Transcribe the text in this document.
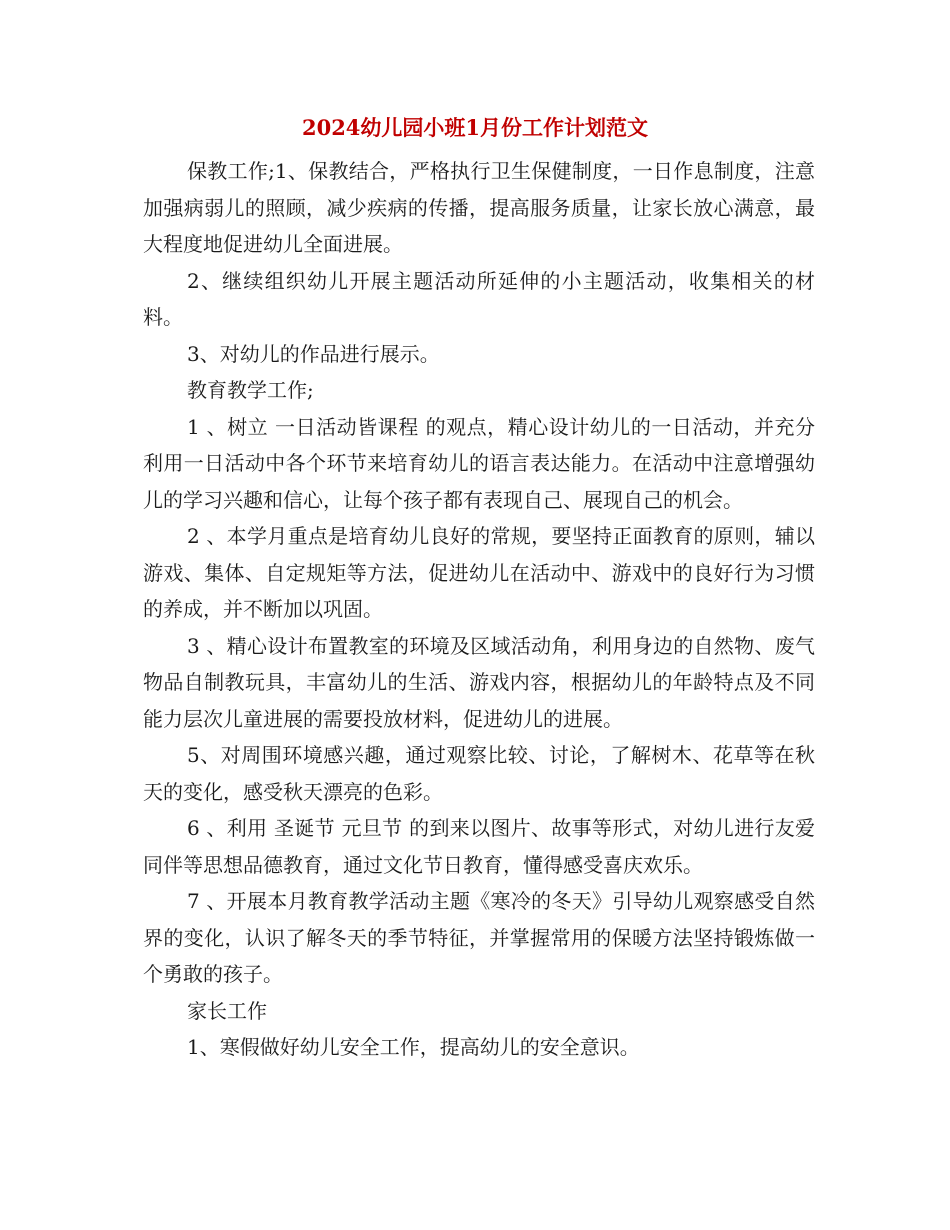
2024幼儿园小班1月份工作计划范文

保教工作;1、保教结合，严格执行卫生保健制度，一日作息制度，注意加强病弱儿的照顾，减少疾病的传播，提高服务质量，让家长放心满意，最大程度地促进幼儿全面进展。

2、继续组织幼儿开展主题活动所延伸的小主题活动，收集相关的材料。

3、对幼儿的作品进行展示。

教育教学工作;

1 、树立 一日活动皆课程 的观点，精心设计幼儿的一日活动，并充分利用一日活动中各个环节来培育幼儿的语言表达能力。在活动中注意增强幼儿的学习兴趣和信心，让每个孩子都有表现自己、展现自己的机会。

2 、本学月重点是培育幼儿良好的常规，要坚持正面教育的原则，辅以游戏、集体、自定规矩等方法，促进幼儿在活动中、游戏中的良好行为习惯的养成，并不断加以巩固。

3 、精心设计布置教室的环境及区域活动角，利用身边的自然物、废气物品自制教玩具，丰富幼儿的生活、游戏内容，根据幼儿的年龄特点及不同能力层次儿童进展的需要投放材料，促进幼儿的进展。

5、对周围环境感兴趣，通过观察比较、讨论，了解树木、花草等在秋天的变化，感受秋天漂亮的色彩。

6 、利用 圣诞节 元旦节 的到来以图片、故事等形式，对幼儿进行友爱同伴等思想品德教育，通过文化节日教育，懂得感受喜庆欢乐。

7 、开展本月教育教学活动主题《寒冷的冬天》引导幼儿观察感受自然界的变化，认识了解冬天的季节特征，并掌握常用的保暖方法坚持锻炼做一个勇敢的孩子。

家长工作

1、寒假做好幼儿安全工作，提高幼儿的安全意识。
